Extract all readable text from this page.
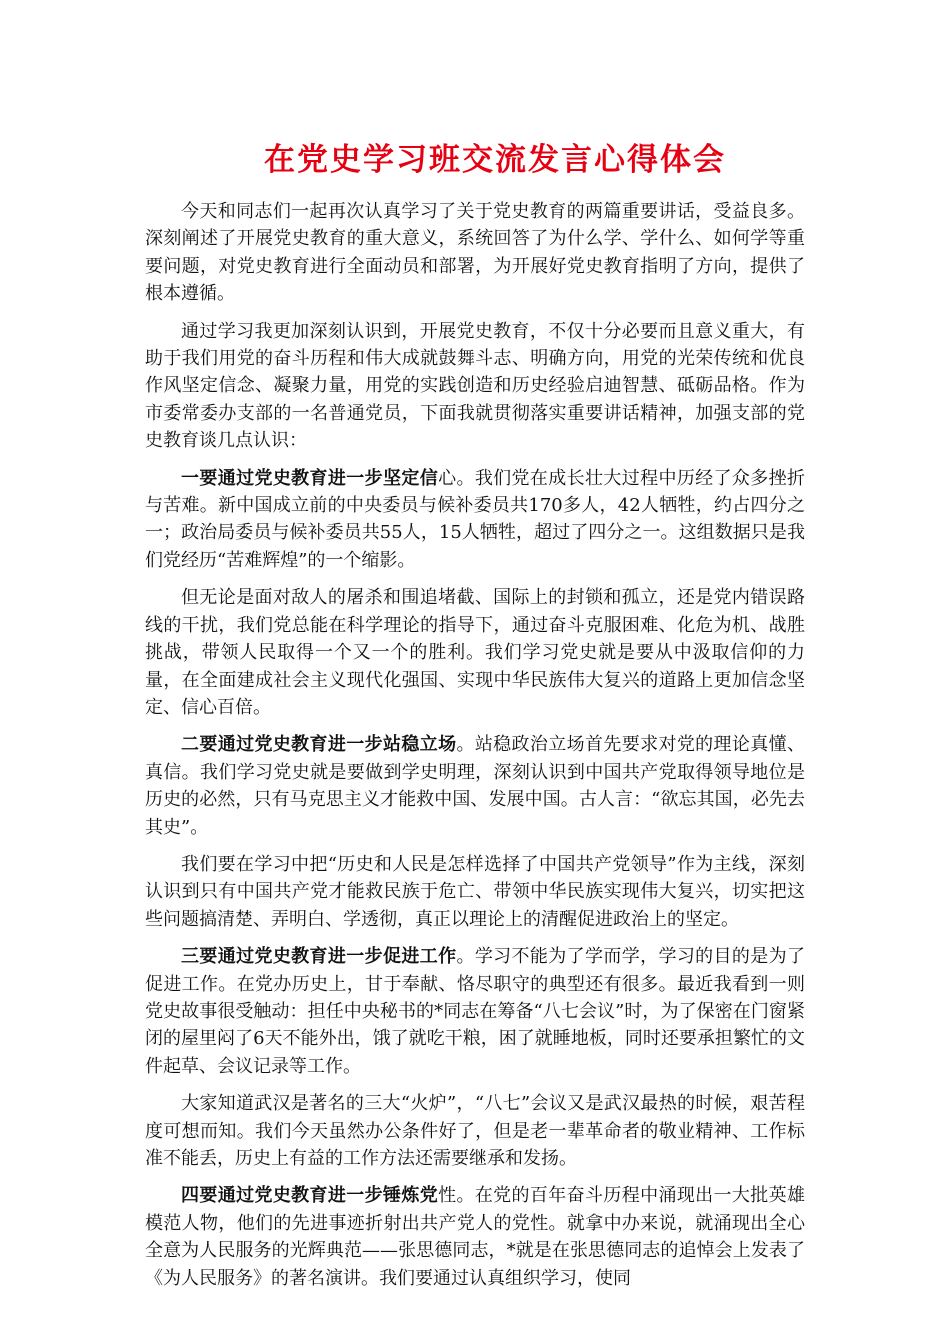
在党史学习班交流发言心得体会

今天和同志们一起再次认真学习了关于党史教育的两篇重要讲话，受益良多。深刻阐述了开展党史教育的重大意义，系统回答了为什么学、学什么、如何学等重要问题，对党史教育进行全面动员和部署，为开展好党史教育指明了方向，提供了根本遵循。

通过学习我更加深刻认识到，开展党史教育，不仅十分必要而且意义重大，有助于我们用党的奋斗历程和伟大成就鼓舞斗志、明确方向，用党的光荣传统和优良作风坚定信念、凝聚力量，用党的实践创造和历史经验启迪智慧、砥砺品格。作为市委常委办支部的一名普通党员，下面我就贯彻落实重要讲话精神，加强支部的党史教育谈几点认识：

一要通过党史教育进一步坚定信心。我们党在成长壮大过程中历经了众多挫折与苦难。新中国成立前的中央委员与候补委员共170多人，42人牺牲，约占四分之一；政治局委员与候补委员共55人，15人牺牲，超过了四分之一。这组数据只是我们党经历“苦难辉煌”的一个缩影。

但无论是面对敌人的屠杀和围追堵截、国际上的封锁和孤立，还是党内错误路线的干扰，我们党总能在科学理论的指导下，通过奋斗克服困难、化危为机、战胜挑战，带领人民取得一个又一个的胜利。我们学习党史就是要从中汲取信仰的力量，在全面建成社会主义现代化强国、实现中华民族伟大复兴的道路上更加信念坚定、信心百倍。

二要通过党史教育进一步站稳立场。站稳政治立场首先要求对党的理论真懂、真信。我们学习党史就是要做到学史明理，深刻认识到中国共产党取得领导地位是历史的必然，只有马克思主义才能救中国、发展中国。古人言：“欲忘其国，必先去其史”。

我们要在学习中把“历史和人民是怎样选择了中国共产党领导”作为主线，深刻认识到只有中国共产党才能救民族于危亡、带领中华民族实现伟大复兴，切实把这些问题搞清楚、弄明白、学透彻，真正以理论上的清醒促进政治上的坚定。

三要通过党史教育进一步促进工作。学习不能为了学而学，学习的目的是为了促进工作。在党办历史上，甘于奉献、恪尽职守的典型还有很多。最近我看到一则党史故事很受触动：担任中央秘书的*同志在筹备“八七会议”时，为了保密在门窗紧闭的屋里闷了6天不能外出，饿了就吃干粮，困了就睡地板，同时还要承担繁忙的文件起草、会议记录等工作。

大家知道武汉是著名的三大“火炉”，“八七”会议又是武汉最热的时候，艰苦程度可想而知。我们今天虽然办公条件好了，但是老一辈革命者的敬业精神、工作标准不能丢，历史上有益的工作方法还需要继承和发扬。

四要通过党史教育进一步锤炼党性。在党的百年奋斗历程中涌现出一大批英雄模范人物，他们的先进事迹折射出共产党人的党性。就拿中办来说，就涌现出全心全意为人民服务的光辉典范——张思德同志，*就是在张思德同志的追悼会上发表了《为人民服务》的著名演讲。我们要通过认真组织学习，使同
